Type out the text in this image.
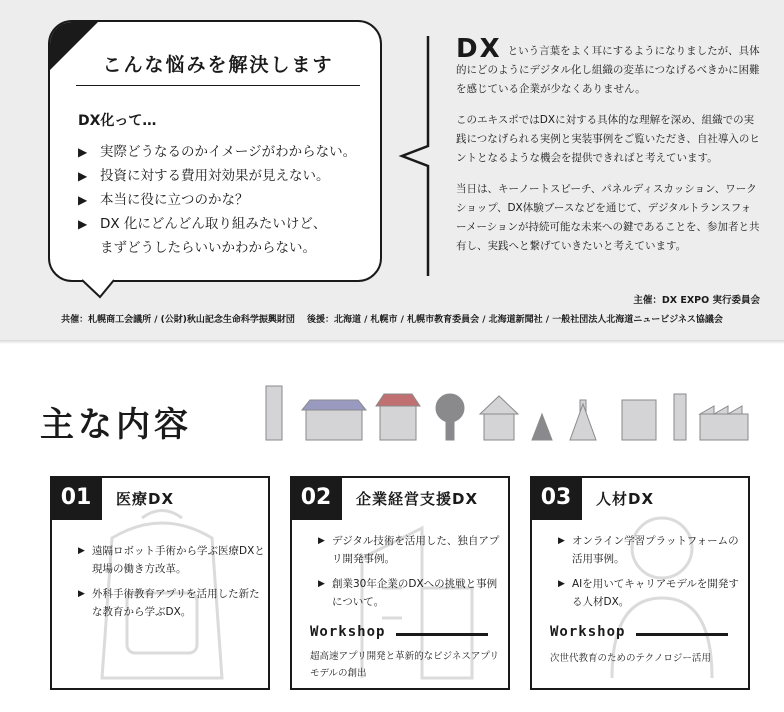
こんな悩みを解決します
DX化って…
▶ 実際どうなるのかイメージがわからない。
▶ 投資に対する費用対効果が見えない。
▶ 本当に役に立つのかな？
▶ DX 化にどんどん取り組みたいけど、
まずどうしたらいいかわからない。

DX という言葉をよく耳にするようになりましたが、具体的にどのようにデジタル化し組織の変革につなげるべきかに困難を感じている企業が少なくありません。

このエキスポではDXに対する具体的な理解を深め、組織での実践につなげられる実例と実装事例をご覧いただき、自社導入のヒントとなるような機会を提供できればと考えています。

当日は、キーノートスピーチ、パネルディスカッション、ワークショップ、DX体験ブースなどを通じて、デジタルトランスフォーメーションが持続可能な未来への鍵であることを、参加者と共有し、実践へと繋げていきたいと考えています。

主催：DX EXPO 実行委員会
共催：札幌商工会議所 / (公財)秋山記念生命科学振興財団　 後援：北海道 / 札幌市 / 札幌市教育委員会 / 北海道新聞社 / 一般社団法人北海道ニュービジネス協議会
主な内容
01	医療DX
▶ 遠隔ロボット手術から学ぶ医療DXと現場の働き方改革。
▶ 外科手術教育アプリを活用した新たな教育から学ぶDX。
02	企業経営支援DX
▶ デジタル技術を活用した、独自アプリ開発事例。
▶ 創業30年企業のDXへの挑戦と事例について。
Workshop
超高速アプリ開発と革新的なビジネスアプリモデルの創出
03	人材DX
▶ オンライン学習プラットフォームの活用事例。
▶ AIを用いてキャリアモデルを開発する人材DX。
Workshop
次世代教育のためのテクノロジー活用
